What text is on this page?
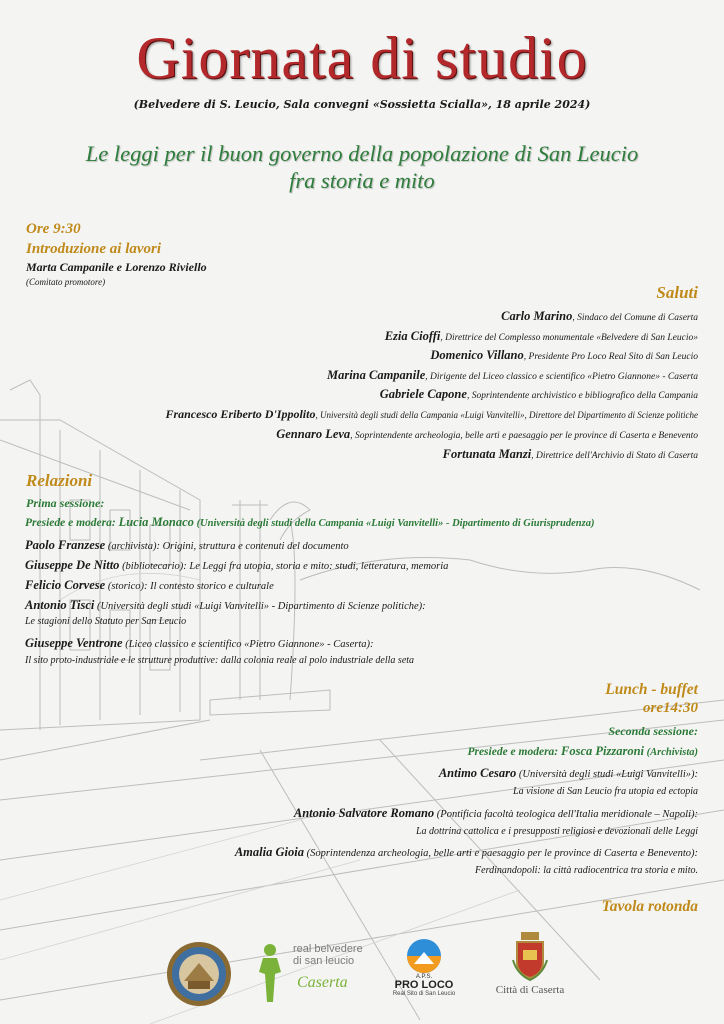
Giornata di studio
(Belvedere di S. Leucio, Sala convegni «Sossietta Scialla», 18 aprile 2024)
Le leggi per il buon governo della popolazione di San Leucio
fra storia e mito
Ore 9:30
Introduzione ai lavori
Marta Campanile e Lorenzo Riviello
(Comitato promotore)
Saluti
Carlo Marino, Sindaco del Comune di Caserta
Ezia Cioffi, Direttrice del Complesso monumentale «Belvedere di San Leucio»
Domenico Villano, Presidente Pro Loco Real Sito di San Leucio
Marina Campanile, Dirigente del Liceo classico e scientifico «Pietro Giannone» - Caserta
Gabriele Capone, Soprintendente archivistico e bibliografico della Campania
Francesco Eriberto D'Ippolito, Università degli studi della Campania «Luigi Vanvitelli», Direttore del Dipartimento di Scienze politiche
Gennaro Leva, Soprintendente archeologia, belle arti e paesaggio per le province di Caserta e Benevento
Fortunata Manzi, Direttrice dell'Archivio di Stato di Caserta
Relazioni
Prima sessione:
Presiede e modera: Lucia Monaco (Università degli studi della Campania «Luigi Vanvitelli» - Dipartimento di Giurisprudenza)
Paolo Franzese (archivista): Origini, struttura e contenuti del documento
Giuseppe De Nitto (bibliotecario): Le Leggi fra utopia, storia e mito: studi, letteratura, memoria
Felicio Corvese (storico): Il contesto storico e culturale
Antonio Tisci (Università degli studi «Luigi Vanvitelli» - Dipartimento di Scienze politiche):
Le stagioni dello Statuto per San Leucio
Giuseppe Ventrone (Liceo classico e scientifico «Pietro Giannone» - Caserta):
Il sito proto-industriale e le strutture produttive: dalla colonia reale al polo industriale della seta
Lunch - buffet
ore14:30
Seconda sessione:
Presiede e modera: Fosca Pizzaroni (Archivista)
Antimo Cesaro (Università degli studi «Luigi Vanvitelli»):
La visione di San Leucio fra utopia ed ectopia
Antonio Salvatore Romano (Pontificia facoltà teologica dell'Italia meridionale – Napoli):
La dottrina cattolica e i presupposti religiosi e devozionali delle Leggi
Amalia Gioia (Soprintendenza archeologia, belle arti e paesaggio per le province di Caserta e Benevento):
Ferdinandopoli: la città radiocentrica tra storia e mito.
Tavola rotonda
real belvedere
di san leucio
Caserta	A.P.S.
PRO LOCO
Real Sito di San Leucio	Città di Caserta
